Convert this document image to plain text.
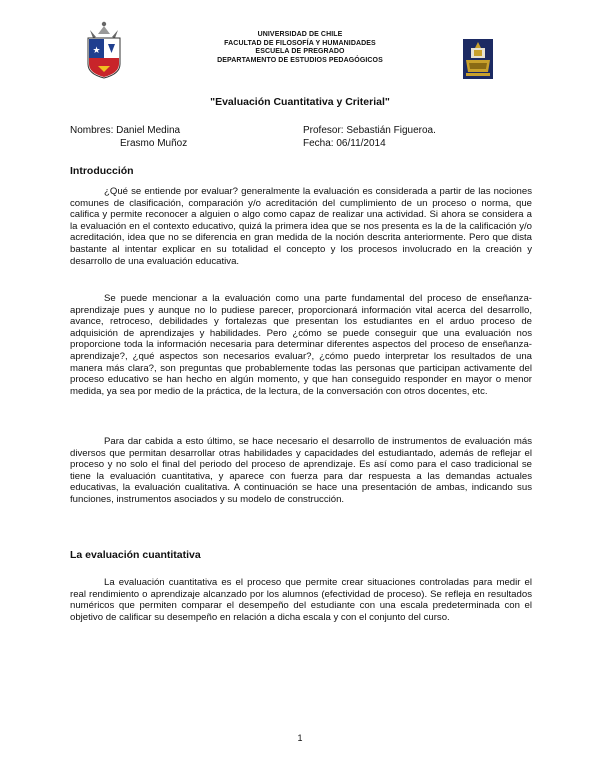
★
UNIVERSIDAD DE CHILE
FACULTAD DE FILOSOFÍA Y HUMANIDADES
ESCUELA DE PREGRADO
DEPARTAMENTO DE ESTUDIOS PEDAGÓGICOS
"Evaluación Cuantitativa y Criterial"
Nombres: Daniel Medina
Erasmo Muñoz
Profesor: Sebastián Figueroa.
Fecha: 06/11/2014
Introducción

¿Qué se entiende por evaluar? generalmente la evaluación es considerada a partir de las nociones comunes de clasificación, comparación y/o acreditación del cumplimiento de un proceso o norma, que califica y permite reconocer a alguien o algo como capaz de realizar una actividad. Si ahora se considera a la evaluación en el contexto educativo, quizá la primera idea que se nos presenta es la de la calificación y/o acreditación, idea que no se diferencia en gran medida de la noción descrita anteriormente. Pero que dista bastante al intentar explicar en su totalidad el concepto y los procesos involucrado en la creación y desarrollo de una evaluación educativa.

Se puede mencionar a la evaluación como una parte fundamental del proceso de enseñanza-aprendizaje pues y aunque no lo pudiese parecer, proporcionará información vital acerca del desarrollo, avance, retroceso, debilidades y fortalezas que presentan los estudiantes en el arduo proceso de adquisición de aprendizajes y habilidades. Pero ¿cómo se puede conseguir que una evaluación nos proporcione toda la información necesaria para determinar diferentes aspectos del proceso de enseñanza-aprendizaje?, ¿qué aspectos son necesarios evaluar?, ¿cómo puedo interpretar los resultados de una manera más clara?, son preguntas que probablemente todas las personas que participan activamente del proceso educativo se han hecho en algún momento, y que han conseguido responder en mayor o menor medida, ya sea por medio de la práctica, de la lectura, de la conversación con otros docentes, etc.

Para dar cabida a esto último, se hace necesario el desarrollo de instrumentos de evaluación más diversos que permitan desarrollar otras habilidades y capacidades del estudiantado, además de reflejar el proceso y no solo el final del periodo del proceso de aprendizaje. Es así como para el caso tradicional se tiene la evaluación cuantitativa, y aparece con fuerza para dar respuesta a las demandas actuales educativas, la evaluación cualitativa. A continuación se hace una presentación de ambas, indicando sus funciones, instrumentos asociados y su modelo de construcción.

La evaluación cuantitativa

La evaluación cuantitativa es el proceso que permite crear situaciones controladas para medir el real rendimiento o aprendizaje alcanzado por los alumnos (efectividad de proceso). Se refleja en resultados numéricos que permiten comparar el desempeño del estudiante con una escala predeterminada con el objetivo de calificar su desempeño en relación a dicha escala y con el conjunto del curso.

1
